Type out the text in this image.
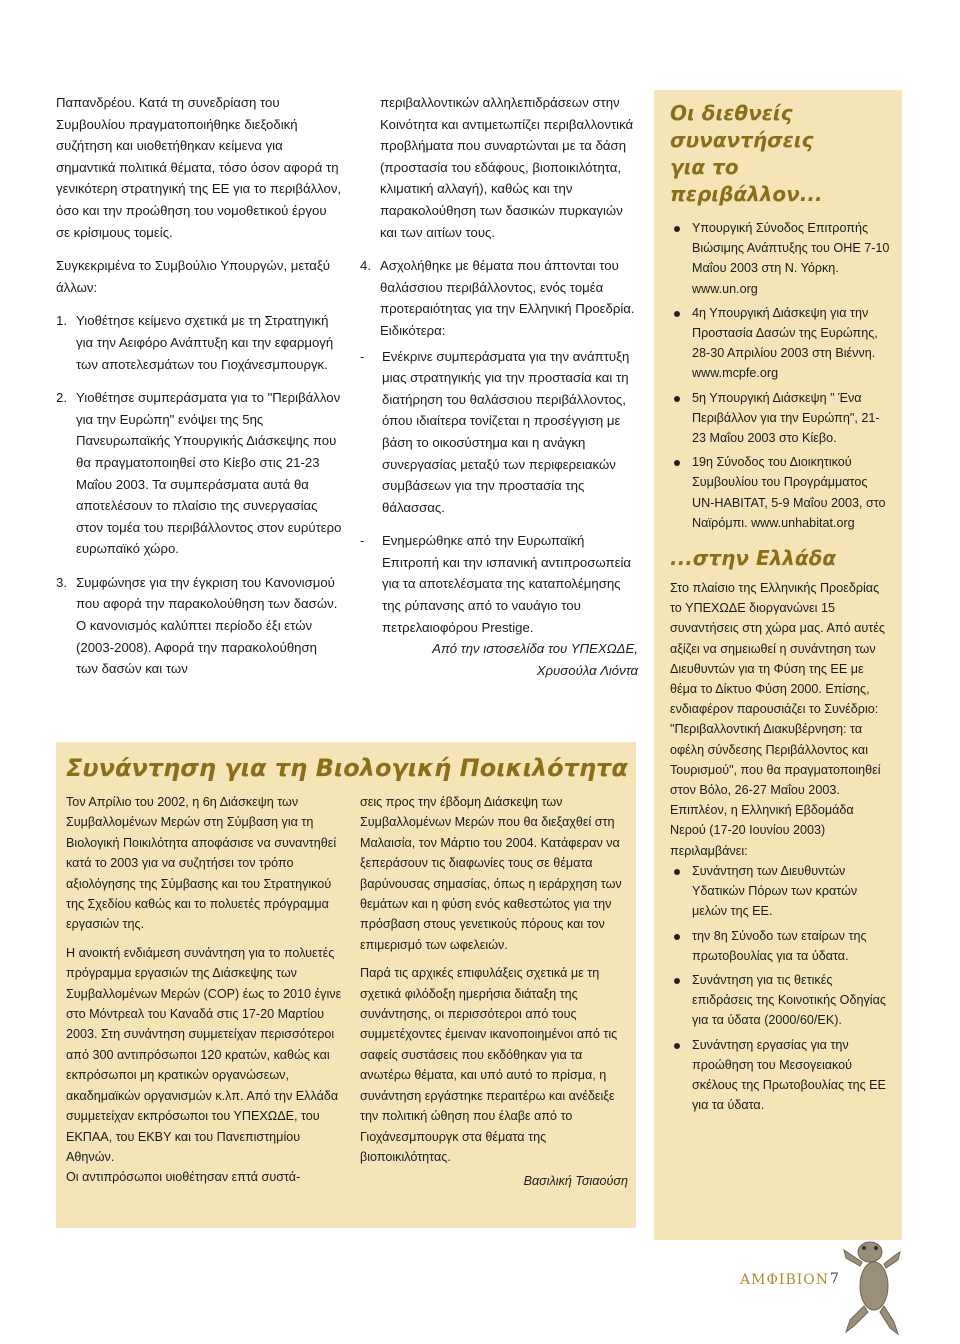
Παπανδρέου. Κατά τη συνεδρίαση του Συμβουλίου πραγματοποιήθηκε διεξοδική συζήτηση και υιοθετήθηκαν κείμενα για σημαντικά πολιτικά θέματα, τόσο όσον αφορά τη γενικότερη στρατηγική της ΕΕ για το περιβάλλον, όσο και την προώθηση του νομοθετικού έργου σε κρίσιμους τομείς.

Συγκεκριμένα το Συμβούλιο Υπουργών, μεταξύ άλλων:

1. Υιοθέτησε κείμενο σχετικά με τη Στρατηγική για την Αειφόρο Ανάπτυξη και την εφαρμογή των αποτελεσμάτων του Γιοχάνεσμπουργκ.
2. Υιοθέτησε συμπεράσματα για το "Περιβάλλον για την Ευρώπη" ενόψει της 5ης Πανευρωπαϊκής Υπουργικής Διάσκεψης που θα πραγματοποιηθεί στο Κίεβο στις 21-23 Μαΐου 2003. Τα συμπεράσματα αυτά θα αποτελέσουν το πλαίσιο της συνεργασίας στον τομέα του περιβάλλοντος στον ευρύτερο ευρωπαϊκό χώρο.
3. Συμφώνησε για την έγκριση του Κανονισμού που αφορά την παρακολούθηση των δασών. Ο κανονισμός καλύπτει περίοδο έξι ετών (2003-2008). Αφορά την παρακολούθηση των δασών και των

περιβαλλοντικών αλληλεπιδράσεων στην Κοινότητα και αντιμετωπίζει περιβαλλοντικά προβλήματα που συναρτώνται με τα δάση (προστασία του εδάφους, βιοποικιλότητα, κλιματική αλλαγή), καθώς και την παρακολούθηση των δασικών πυρκαγιών και των αιτίων τους.

4. Ασχολήθηκε με θέματα που άπτονται του θαλάσσιου περιβάλλοντος, ενός τομέα προτεραιότητας για την Ελληνική Προεδρία. Ειδικότερα:
-	Ενέκρινε συμπεράσματα για την ανάπτυξη μιας στρατηγικής για την προστασία και τη διατήρηση του θαλάσσιου περιβάλλοντος, όπου ιδιαίτερα τονίζεται η προσέγγιση με βάση το οικοσύστημα και η ανάγκη συνεργασίας μεταξύ των περιφερειακών συμβάσεων για την προστασία της θάλασσας.
-	Ενημερώθηκε από την Ευρωπαϊκή Επιτροπή και την ισπανική αντιπροσωπεία για τα αποτελέσματα της καταπολέμησης της ρύπανσης από το ναυάγιο του πετρελαιοφόρου Prestige.

Από την ιστοσελίδα του ΥΠΕΧΩΔΕ,

Χρυσούλα Λιόντα

Οι διεθνείς
συναντήσεις
για το περιβάλλον...
Υπουργική Σύνοδος Επιτροπής Βιώσιμης Ανάπτυξης του ΟΗΕ 7-10 Μαΐου 2003 στη Ν. Υόρκη. www.un.org
4η Υπουργική Διάσκεψη για την Προστασία Δασών της Ευρώπης, 28-30 Απριλίου 2003 στη Βιέννη. www.mcpfe.org
5η Υπουργική Διάσκεψη " Ένα Περιβάλλον για την Ευρώπη", 21-23 Μαΐου 2003 στο Κίεβο.
19η Σύνοδος του Διοικητικού Συμβουλίου του Προγράμματος UN-HABITAT, 5-9 Μαΐου 2003, στο Ναϊρόμπι. www.unhabitat.org
...στην Ελλάδα

Στο πλαίσιο της Ελληνικής Προεδρίας το ΥΠΕΧΩΔΕ διοργανώνει 15 συναντήσεις στη χώρα μας. Από αυτές αξίζει να σημειωθεί η συνάντηση των Διευθυντών για τη Φύση της ΕΕ με θέμα το Δίκτυο Φύση 2000. Επίσης, ενδιαφέρον παρουσιάζει το Συνέδριο: "Περιβαλλοντική Διακυβέρνηση: τα οφέλη σύνδεσης Περιβάλλοντος και Τουρισμού", που θα πραγματοποιηθεί στον Βόλο, 26-27 Μαΐου 2003. Επιπλέον, η Ελληνική Εβδομάδα Νερού (17-20 Ιουνίου 2003) περιλαμβάνει:

Συνάντηση των Διευθυντών Υδατικών Πόρων των κρατών μελών της ΕΕ.
την 8η Σύνοδο των εταίρων της πρωτοβουλίας για τα ύδατα.
Συνάντηση για τις θετικές επιδράσεις της Κοινοτικής Οδηγίας για τα ύδατα (2000/60/ΕΚ).
Συνάντηση εργασίας για την προώθηση του Μεσογειακού σκέλους της Πρωτοβουλίας της ΕΕ για τα ύδατα.
Συνάντηση για τη Βιολογική Ποικιλότητα

Τον Απρίλιο του 2002, η 6η Διάσκεψη των Συμβαλλομένων Μερών στη Σύμβαση για τη Βιολογική Ποικιλότητα αποφάσισε να συναντηθεί κατά το 2003 για να συζητήσει τον τρόπο αξιολόγησης της Σύμβασης και του Στρατηγικού της Σχεδίου καθώς και το πολυετές πρόγραμμα εργασιών της.

Η ανοικτή ενδιάμεση συνάντηση για το πολυετές πρόγραμμα εργασιών της Διάσκεψης των Συμβαλλομένων Μερών (COP) έως το 2010 έγινε στο Μόντρεαλ του Καναδά στις 17-20 Μαρτίου 2003. Στη συνάντηση συμμετείχαν περισσότεροι από 300 αντιπρόσωποι 120 κρατών, καθώς και εκπρόσωποι μη κρατικών οργανώσεων, ακαδημαϊκών οργανισμών κ.λπ. Από την Ελλάδα συμμετείχαν εκπρόσωποι του ΥΠΕΧΩΔΕ, του ΕΚΠΑΑ, του ΕΚΒΥ και του Πανεπιστημίου Αθηνών.

Οι αντιπρόσωποι υιοθέτησαν επτά συστά-

σεις προς την έβδομη Διάσκεψη των Συμβαλλομένων Μερών που θα διεξαχθεί στη Μαλαισία, τον Μάρτιο του 2004. Κατάφεραν να ξεπεράσουν τις διαφωνίες τους σε θέματα βαρύνουσας σημασίας, όπως η ιεράρχηση των θεμάτων και η φύση ενός καθεστώτος για την πρόσβαση στους γενετικούς πόρους και τον επιμερισμό των ωφελειών.

Παρά τις αρχικές επιφυλάξεις σχετικά με τη σχετικά φιλόδοξη ημερήσια διάταξη της συνάντησης, οι περισσότεροι από τους συμμετέχοντες έμειναν ικανοποιημένοι από τις σαφείς συστάσεις που εκδόθηκαν για τα ανωτέρω θέματα, και υπό αυτό το πρίσμα, η συνάντηση εργάστηκε περαιτέρω και ανέδειξε την πολιτική ώθηση που έλαβε από το Γιοχάνεσμπουργκ στα θέματα της βιοποικιλότητας.

Βασιλική Τσιαούση

ΑΜΦΙΒΙΟΝ 7
